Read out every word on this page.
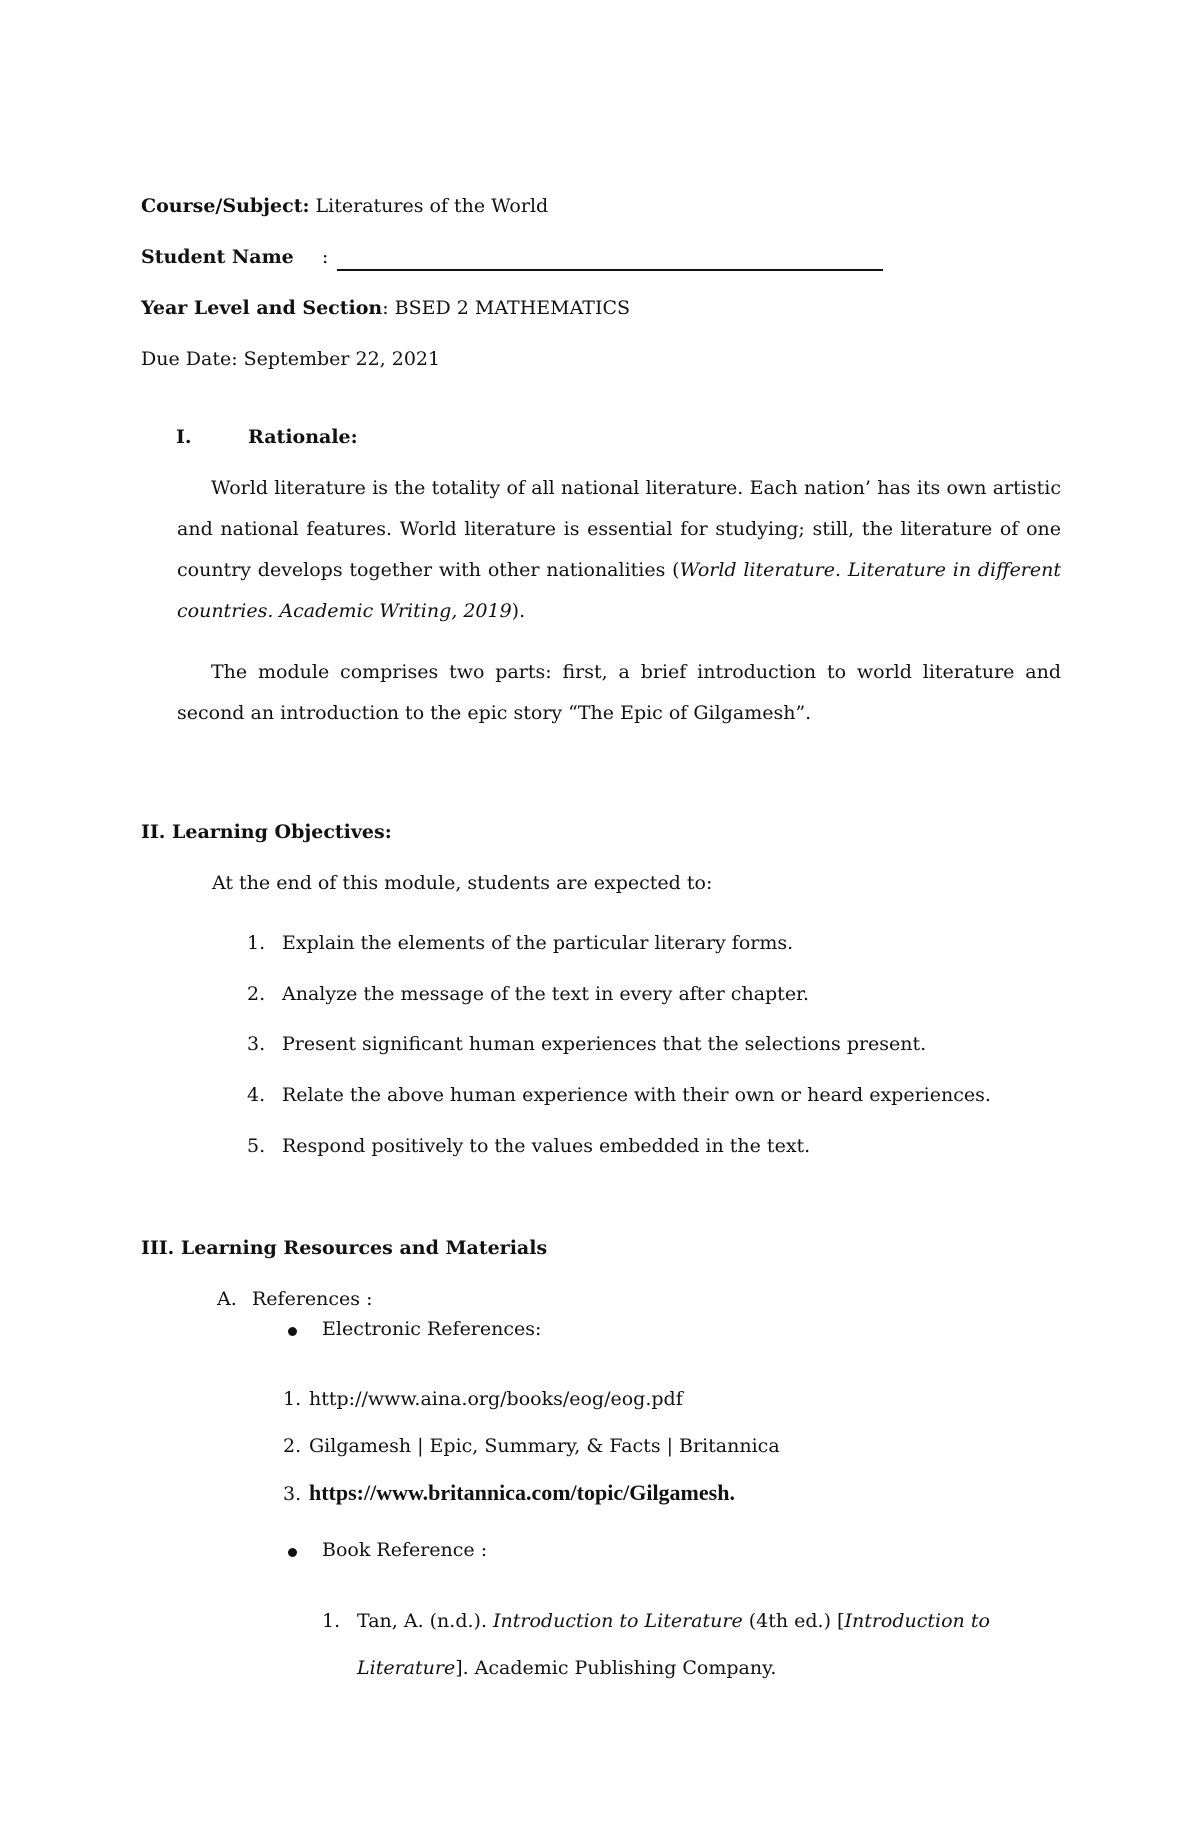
Course/Subject: Literatures of the World
Student Name :
Year Level and Section: BSED 2 MATHEMATICS
Due Date: September 22, 2021
I.	Rationale:
World literature is the totality of all national literature. Each nation’ has its own artistic and national features. World literature is essential for studying; still, the literature of one country develops together with other nationalities (World literature. Literature in different countries. Academic Writing, 2019).
The module comprises two parts: first, a brief introduction to world literature and second an introduction to the epic story “The Epic of Gilgamesh”.
II. Learning Objectives:
At the end of this module, students are expected to:
1. Explain the elements of the particular literary forms.
2. Analyze the message of the text in every after chapter.
3. Present significant human experiences that the selections present.
4. Relate the above human experience with their own or heard experiences.
5. Respond positively to the values embedded in the text.
III. Learning Resources and Materials
A. References :
Electronic References:
1. http://www.aina.org/books/eog/eog.pdf
2. Gilgamesh | Epic, Summary, & Facts | Britannica
3. https://www.britannica.com/topic/Gilgamesh.
Book Reference :
1. Tan, A. (n.d.). Introduction to Literature (4th ed.) [Introduction to
Literature]. Academic Publishing Company.
